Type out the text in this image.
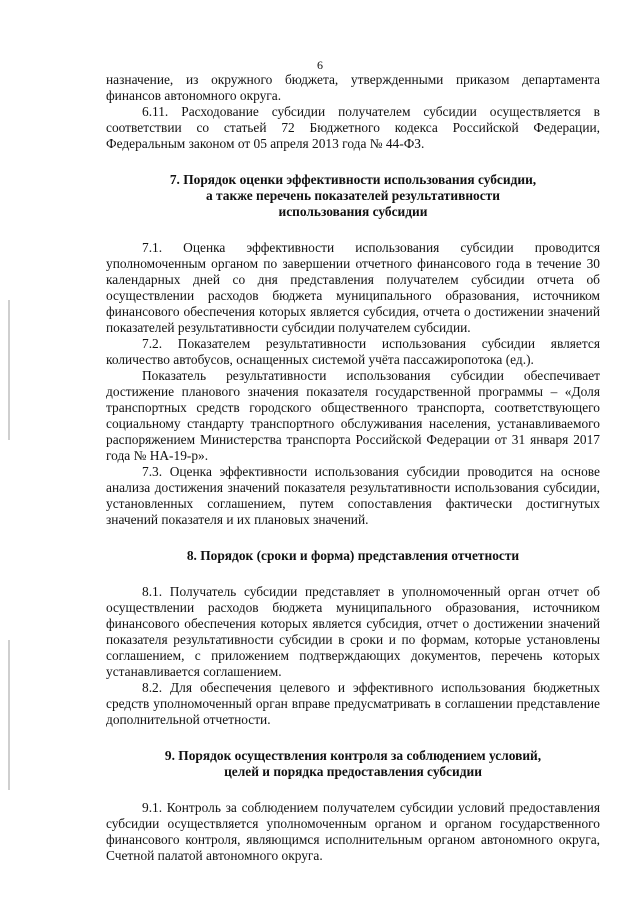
6

назначение, из окружного бюджета, утвержденными приказом департамента финансов автономного округа.

6.11. Расходование субсидии получателем субсидии осуществляется в соответствии со статьей 72 Бюджетного кодекса Российской Федерации, Федеральным законом от 05 апреля 2013 года № 44-ФЗ.

7. Порядок оценки эффективности использования субсидии,

а также перечень показателей результативности

использования субсидии

7.1. Оценка эффективности использования субсидии проводится уполномоченным органом по завершении отчетного финансового года в течение 30 календарных дней со дня представления получателем субсидии отчета об осуществлении расходов бюджета муниципального образования, источником финансового обеспечения которых является субсидия, отчета о достижении значений показателей результативности субсидии получателем субсидии.

7.2. Показателем результативности использования субсидии является количество автобусов, оснащенных системой учёта пассажиропотока (ед.).

Показатель результативности использования субсидии обеспечивает достижение планового значения показателя государственной программы – «Доля транспортных средств городского общественного транспорта, соответствующего социальному стандарту транспортного обслуживания населения, устанавливаемого распоряжением Министерства транспорта Российской Федерации от 31 января 2017 года № НА-19-р».

7.3. Оценка эффективности использования субсидии проводится на основе анализа достижения значений показателя результативности использования субсидии, установленных соглашением, путем сопоставления фактически достигнутых значений показателя и их плановых значений.

8. Порядок (сроки и форма) представления отчетности

8.1. Получатель субсидии представляет в уполномоченный орган отчет об осуществлении расходов бюджета муниципального образования, источником финансового обеспечения которых является субсидия, отчет о достижении значений показателя результативности субсидии в сроки и по формам, которые установлены соглашением, с приложением подтверждающих документов, перечень которых устанавливается соглашением.

8.2. Для обеспечения целевого и эффективного использования бюджетных средств уполномоченный орган вправе предусматривать в соглашении представление дополнительной отчетности.

9. Порядок осуществления контроля за соблюдением условий,

целей и порядка предоставления субсидии

9.1. Контроль за соблюдением получателем субсидии условий предоставления субсидии осуществляется уполномоченным органом и органом государственного финансового контроля, являющимся исполнительным органом автономного округа, Счетной палатой автономного округа.
